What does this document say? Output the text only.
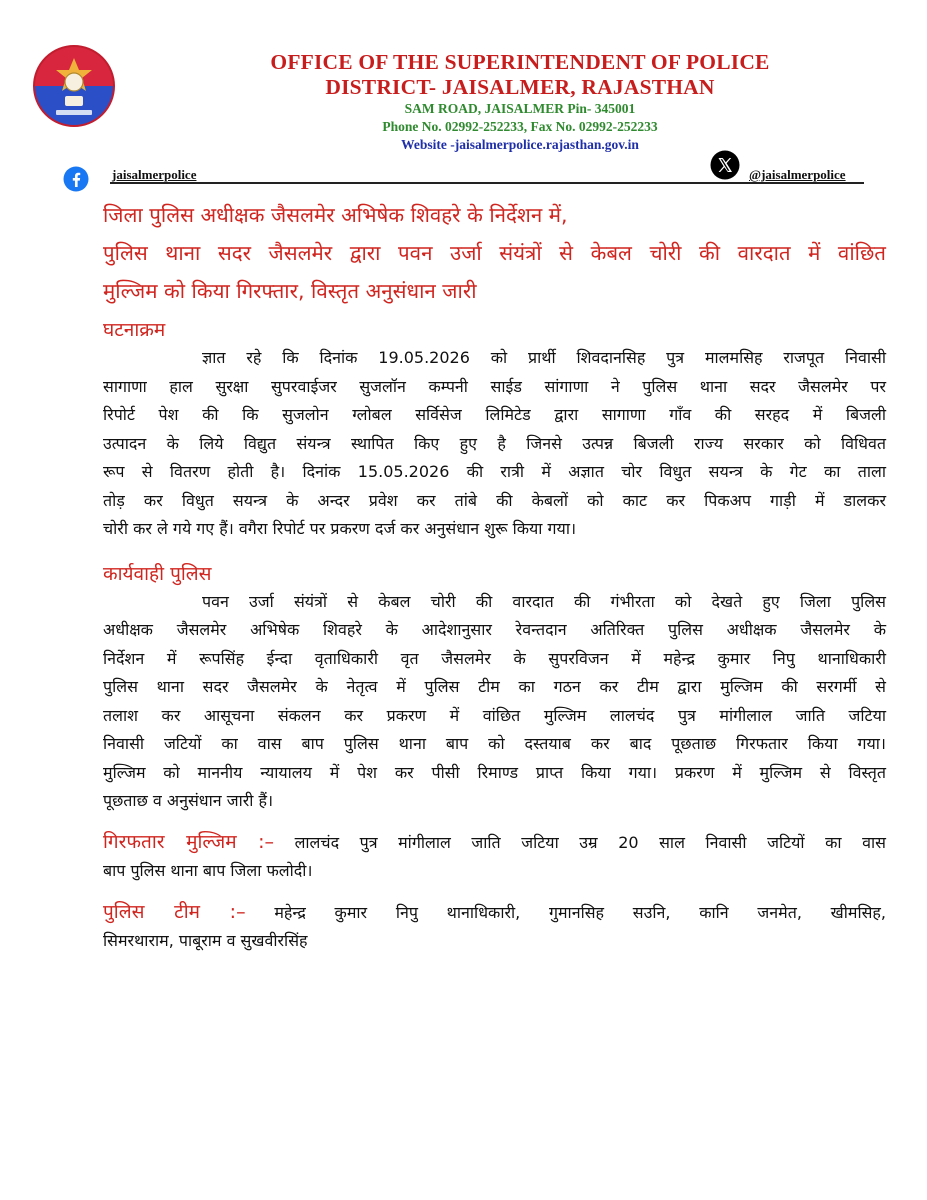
OFFICE OF THE SUPERINTENDENT OF POLICE
DISTRICT- JAISALMER, RAJASTHAN
SAM ROAD, JAISALMER Pin- 345001
Phone No. 02992-252233, Fax No. 02992-252233
Website -jaisalmerpolice.rajasthan.gov.in
jaisalmerpolice	@jaisalmerpolice
जिला पुलिस अधीक्षक जैसलमेर अभिषेक शिवहरे के निर्देशन में,
पुलिस थाना सदर जैसलमेर द्वारा पवन उर्जा संयंत्रों से केबल चोरी की वारदात में वांछित
मुल्जिम को किया गिरफ्तार, विस्तृत अनुसंधान जारी
घटनाक्रम
ज्ञात रहे कि दिनांक 19.05.2026 को प्रार्थी शिवदानसिह पुत्र मालमसिह राजपूत निवासी
सागाणा हाल सुरक्षा सुपरवाईजर सुजलॉन कम्पनी साईड सांगाणा ने पुलिस थाना सदर जैसलमेर पर
रिपोर्ट पेश की कि सुजलोन ग्लोबल सर्विसेज लिमिटेड द्वारा सागाणा गाँव की सरहद में बिजली
उत्पादन के लिये विद्युत संयन्त्र स्थापित किए हुए है जिनसे उत्पन्न बिजली राज्य सरकार को विधिवत
रूप से वितरण होती है। दिनांक 15.05.2026 की रात्री में अज्ञात चोर विधुत सयन्त्र के गेट का ताला
तोड़ कर विधुत सयन्त्र के अन्दर प्रवेश कर तांबे की केबलों को काट कर पिकअप गाड़ी में डालकर
चोरी कर ले गये गए हैं। वगैरा रिपोर्ट पर प्रकरण दर्ज कर अनुसंधान शुरू किया गया।
कार्यवाही पुलिस
पवन उर्जा संयंत्रों से केबल चोरी की वारदात की गंभीरता को देखते हुए जिला पुलिस
अधीक्षक जैसलमेर अभिषेक शिवहरे के आदेशानुसार रेवन्तदान अतिरिक्त पुलिस अधीक्षक जैसलमेर के
निर्देशन में रूपसिंह ईन्दा वृताधिकारी वृत जैसलमेर के सुपरविजन में महेन्द्र कुमार निपु थानाधिकारी
पुलिस थाना सदर जैसलमेर के नेतृत्व में पुलिस टीम का गठन कर टीम द्वारा मुल्जिम की सरगर्मी से
तलाश कर आसूचना संकलन कर प्रकरण में वांछित मुल्जिम लालचंद पुत्र मांगीलाल जाति जटिया
निवासी जटियों का वास बाप पुलिस थाना बाप को दस्तयाब कर बाद पूछताछ गिरफतार किया गया।
मुल्जिम को माननीय न्यायालय में पेश कर पीसी रिमाण्ड प्राप्त किया गया। प्रकरण में मुल्जिम से विस्तृत
पूछताछ व अनुसंधान जारी हैं।
गिरफतार मुल्जिम :– लालचंद पुत्र मांगीलाल जाति जटिया उम्र 20 साल निवासी जटियों का वास
बाप पुलिस थाना बाप जिला फलोदी।
पुलिस टीम :– महेन्द्र कुमार निपु थानाधिकारी, गुमानसिह सउनि, कानि जनमेत, खीमसिह,
सिमरथाराम, पाबूराम व सुखवीरसिंह
